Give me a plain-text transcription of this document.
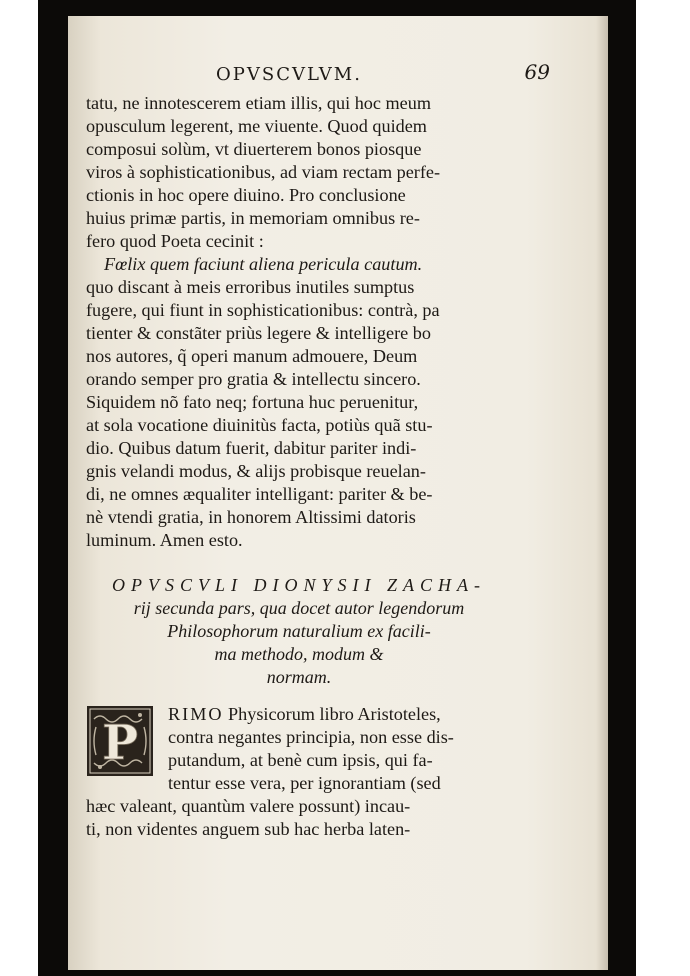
OPVSCVLVM.	69
tatu, ne innotescerem etiam illis, qui hoc meum
opusculum legerent, me viuente. Quod quidem
composui solùm, vt diuerterem bonos piosque
viros à sophisticationibus, ad viam rectam perfe-
ctionis in hoc opere diuino. Pro conclusione
huius primæ partis, in memoriam omnibus re-
fero quod Poeta cecinit :
Fœlix quem faciunt aliena pericula cautum.
quo discant à meis erroribus inutiles sumptus
fugere, qui fiunt in sophisticationibus: contrà, pa
tienter & constãter priùs legere & intelligere bo
nos autores, q̃ operi manum admouere, Deum
orando semper pro gratia & intellectu sincero.
Siquidem nõ fato neq; fortuna huc peruenitur,
at sola vocatione diuinitùs facta, potiùs quã stu-
dio. Quibus datum fuerit, dabitur pariter indi-
gnis velandi modus, & alijs probisque reuelan-
di, ne omnes æqualiter intelligant: pariter & be-
nè vtendi gratia, in honorem Altissimi datoris
luminum. Amen esto.
OPVSCVLI DIONYSII ZACHA-
rij secunda pars, qua docet autor legendorum
Philosophorum naturalium ex facili-
ma methodo, modum &
normam.
P
RIMO Physicorum libro Aristoteles,
contra negantes principia, non esse dis-
putandum, at benè cum ipsis, qui fa-
tentur esse vera, per ignorantiam (sed
hæc valeant, quantùm valere possunt) incau-
ti, non videntes anguem sub hac herba laten-
